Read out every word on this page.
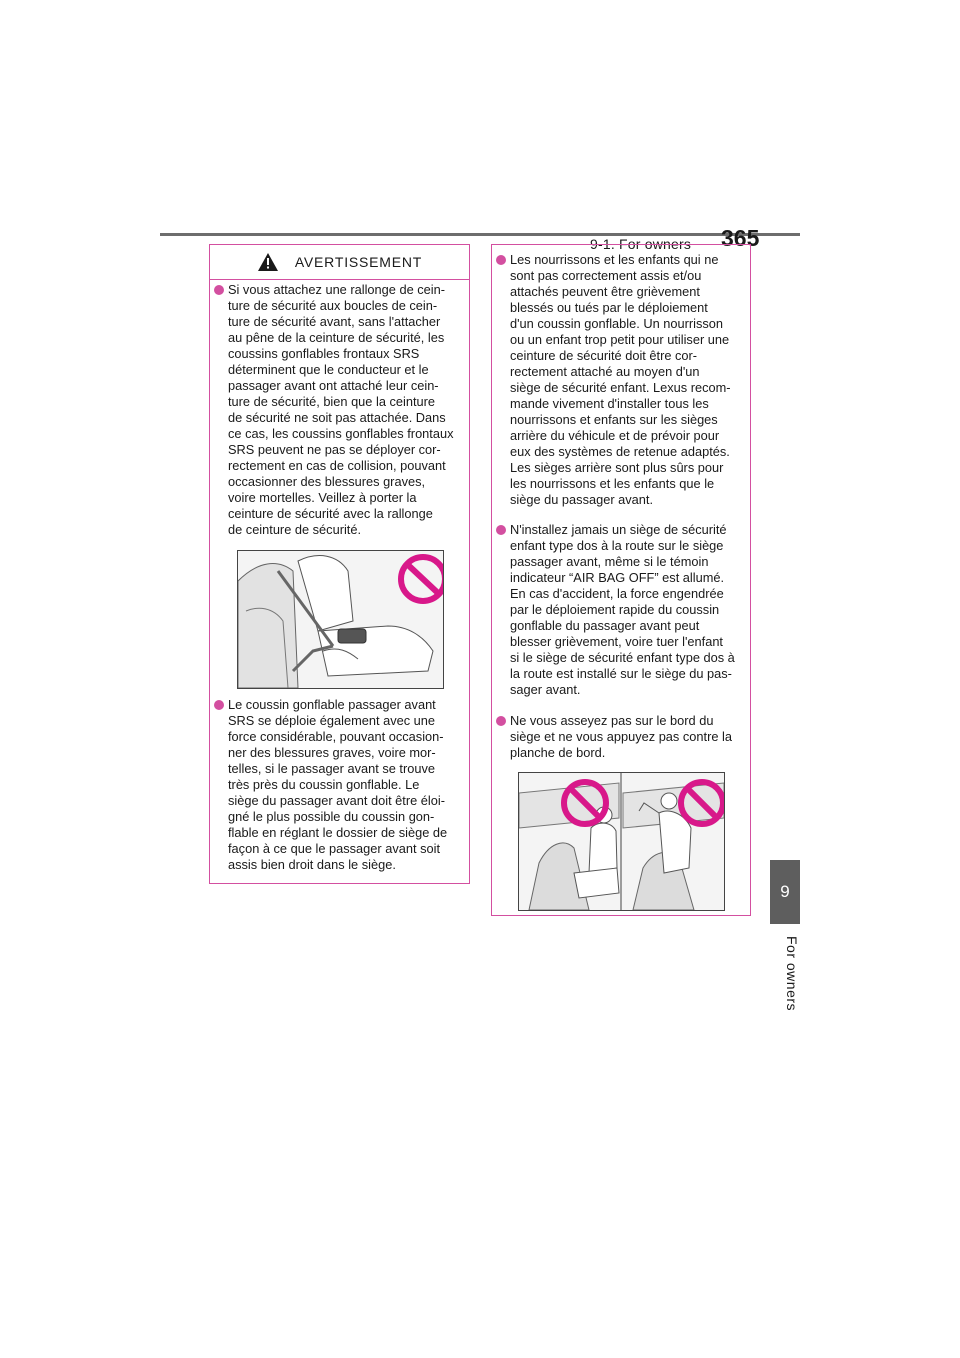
9-1. For owners 365
9
For owners
AVERTISSEMENT
Si vous attachez une rallonge de cein-
ture de sécurité aux boucles de cein-
ture de sécurité avant, sans l'attacher
au pêne de la ceinture de sécurité, les
coussins gonflables frontaux SRS
déterminent que le conducteur et le
passager avant ont attaché leur cein-
ture de sécurité, bien que la ceinture
de sécurité ne soit pas attachée. Dans
ce cas, les coussins gonflables frontaux
SRS peuvent ne pas se déployer cor-
rectement en cas de collision, pouvant
occasionner des blessures graves,
voire mortelles. Veillez à porter la
ceinture de sécurité avec la rallonge
de ceinture de sécurité.
Le coussin gonflable passager avant
SRS se déploie également avec une
force considérable, pouvant occasion-
ner des blessures graves, voire mor-
telles, si le passager avant se trouve
très près du coussin gonflable. Le
siège du passager avant doit être éloi-
gné le plus possible du coussin gon-
flable en réglant le dossier de siège de
façon à ce que le passager avant soit
assis bien droit dans le siège.
Les nourrissons et les enfants qui ne
sont pas correctement assis et/ou
attachés peuvent être grièvement
blessés ou tués par le déploiement
d'un coussin gonflable. Un nourrisson
ou un enfant trop petit pour utiliser une
ceinture de sécurité doit être cor-
rectement attaché au moyen d'un
siège de sécurité enfant. Lexus recom-
mande vivement d'installer tous les
nourrissons et enfants sur les sièges
arrière du véhicule et de prévoir pour
eux des systèmes de retenue adaptés.
Les sièges arrière sont plus sûrs pour
les nourrissons et les enfants que le
siège du passager avant.
N'installez jamais un siège de sécurité
enfant type dos à la route sur le siège
passager avant, même si le témoin
indicateur “AIR BAG OFF” est allumé.
En cas d'accident, la force engendrée
par le déploiement rapide du coussin
gonflable du passager avant peut
blesser grièvement, voire tuer l'enfant
si le siège de sécurité enfant type dos à
la route est installé sur le siège du pas-
sager avant.
Ne vous asseyez pas sur le bord du
siège et ne vous appuyez pas contre la
planche de bord.
